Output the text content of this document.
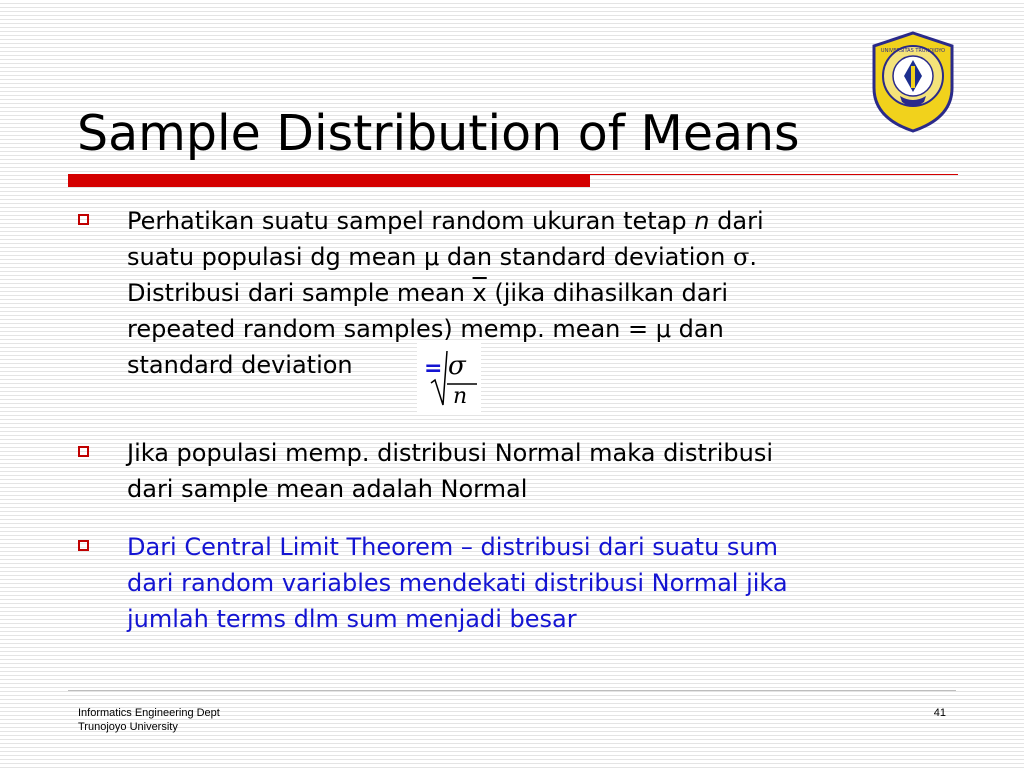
Sample Distribution of Means
UNIVERSITAS TRUNOJOYO
Perhatikan suatu sampel random ukuran tetap n dari
suatu populasi dg mean μ dan standard deviation σ.
Distribusi dari sample mean $\overline{x}$ (jika dihasilkan dari
repeated random samples) memp. mean = μ dan
standard deviation
Jika populasi memp. distribusi Normal maka distribusi
dari sample mean adalah Normal
Dari Central Limit Theorem – distribusi dari suatu sum
dari random variables mendekati distribusi Normal jika
jumlah terms dlm sum menjadi besar
= σ
n
Informatics Engineering Dept
Trunojoyo University
41
